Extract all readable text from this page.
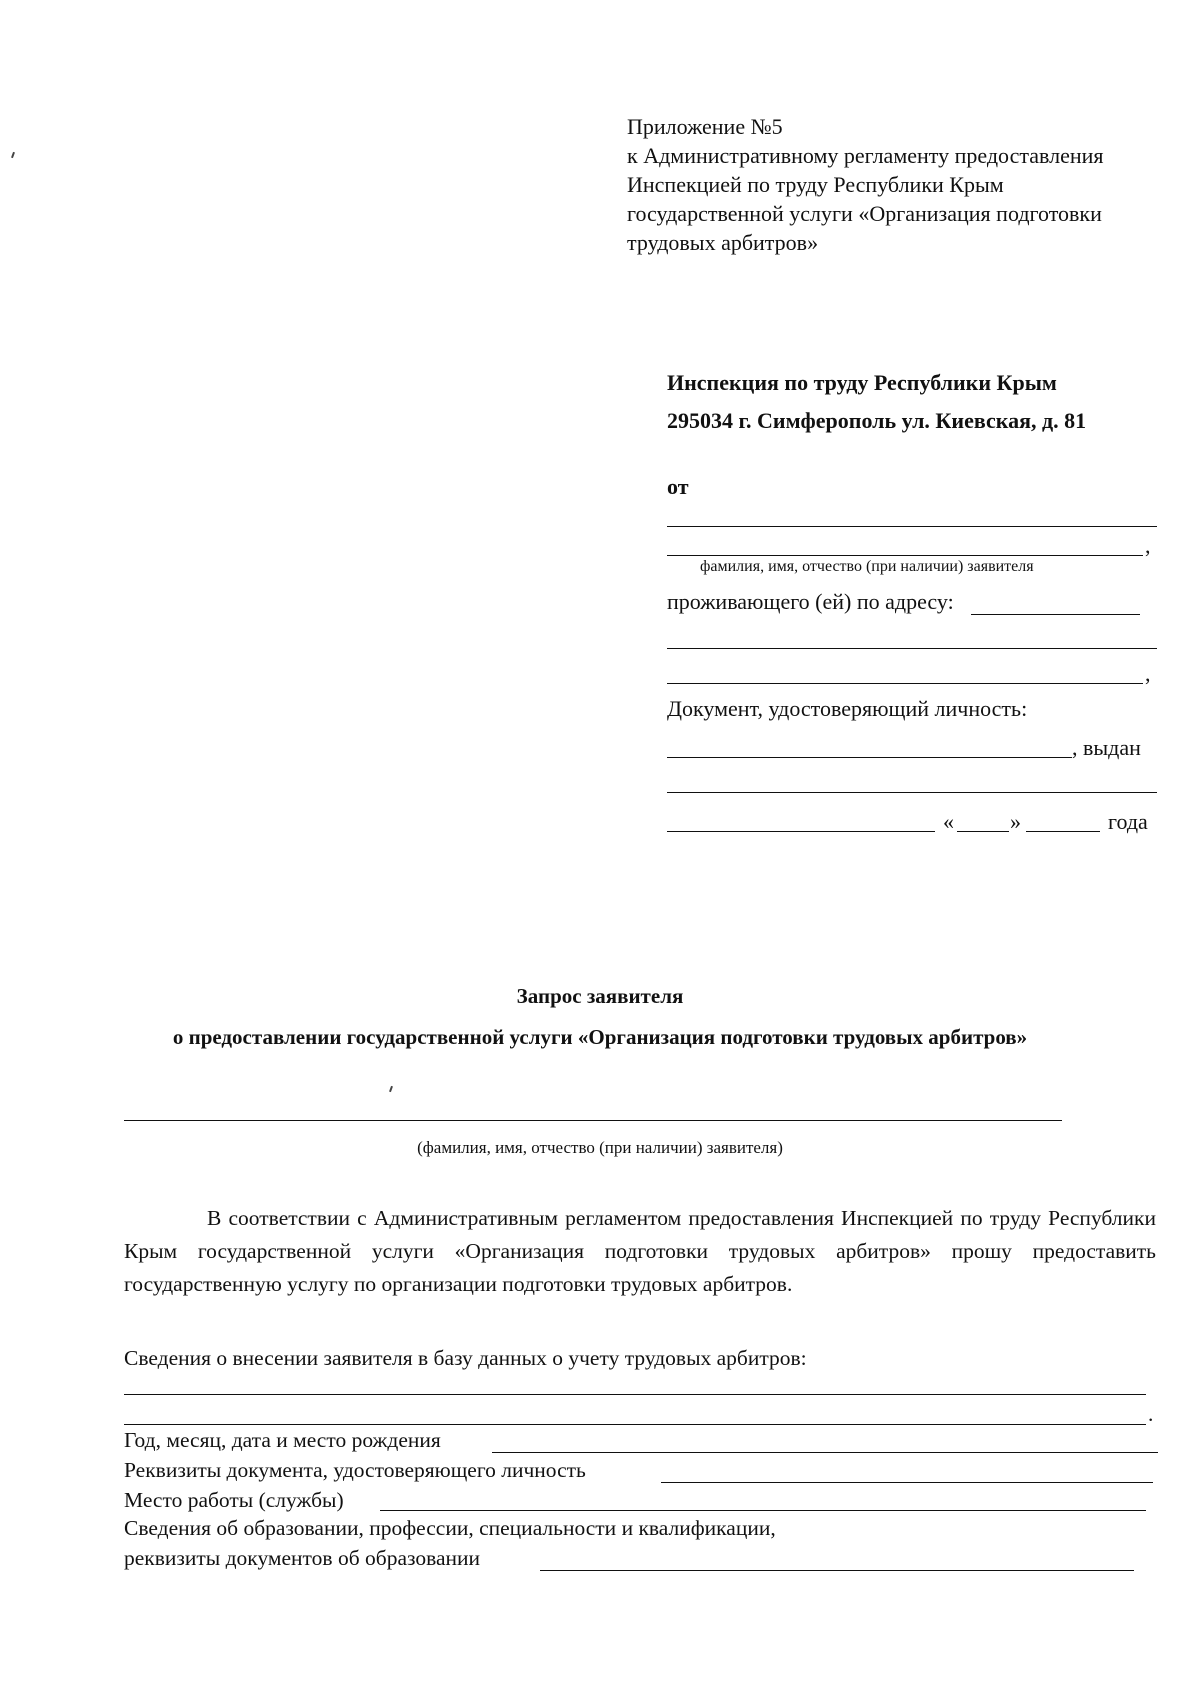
Приложение №5
к Административному регламенту предоставления
Инспекцией по труду Республики Крым
государственной услуги «Организация подготовки
трудовых арбитров»
Инспекция по труду Республики Крым
295034 г. Симферополь ул. Киевская, д. 81
от
,
фамилия, имя, отчество (при наличии) заявителя
проживающего (ей) по адресу:
,
Документ, удостоверяющий личность:
, выдан
«	»	года
Запрос заявителя
о предоставлении государственной услуги «Организация подготовки трудовых арбитров»
(фамилия, имя, отчество (при наличии) заявителя)
В соответствии с Административным регламентом предоставления Инспекцией по труду Республики Крым государственной услуги «Организация подготовки трудовых арбитров» прошу предоставить государственную услугу по организации подготовки трудовых арбитров.
Сведения о внесении заявителя в базу данных о учету трудовых арбитров:
.
Год, месяц, дата и место рождения
Реквизиты документа, удостоверяющего личность
Место работы (службы)
Сведения об образовании, профессии, специальности и квалификации,
реквизиты документов об образовании
